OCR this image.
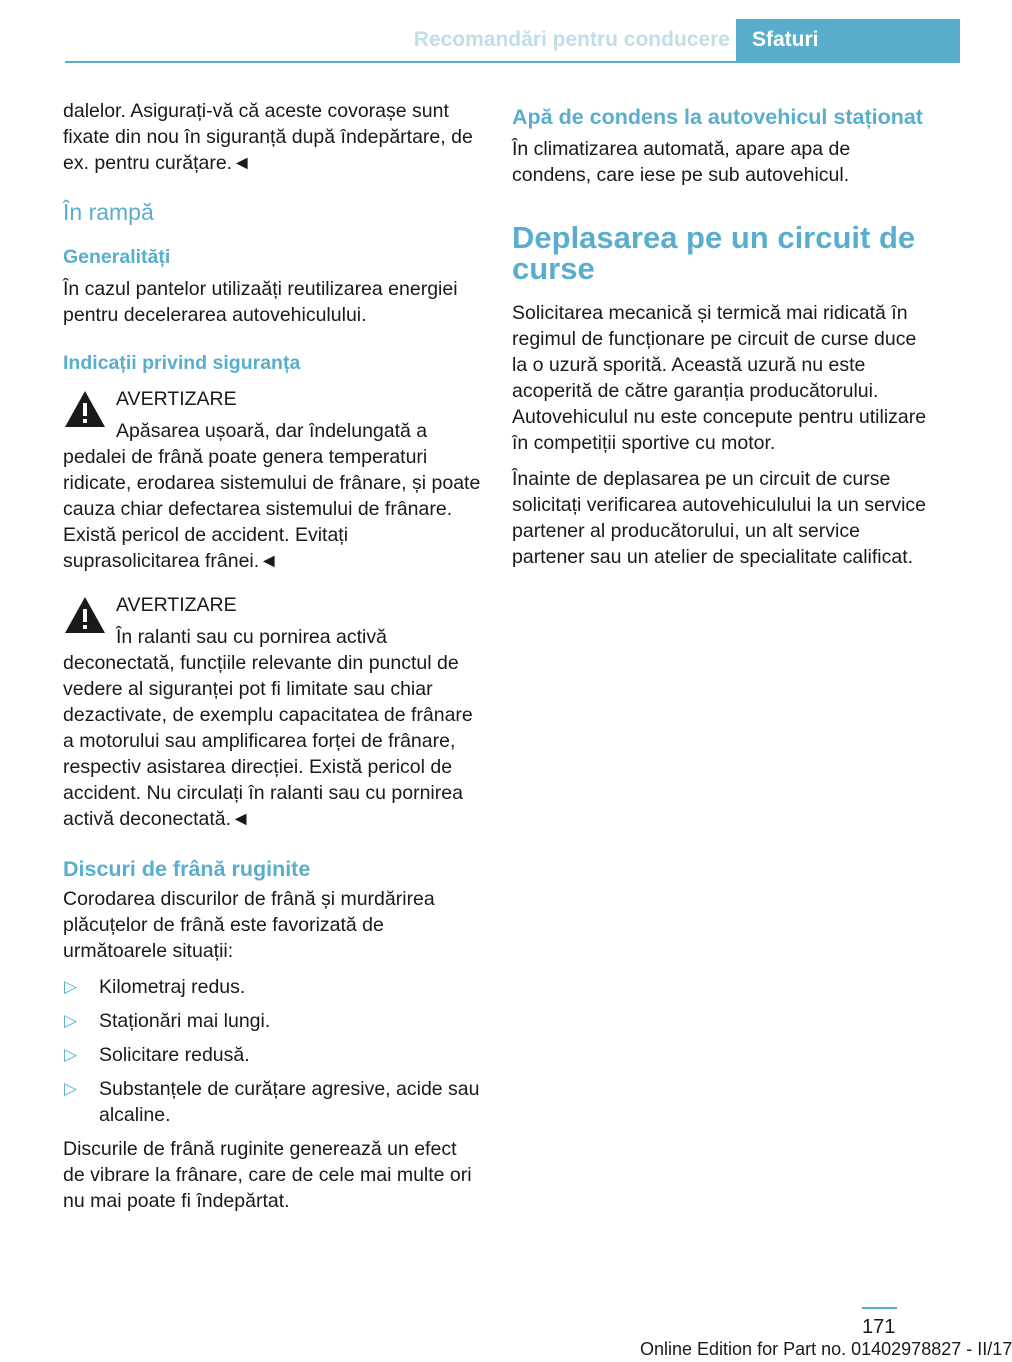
Recomandări pentru conducere	Sfaturi

dalelor. Asigurați-vă că aceste covorașe sunt fixate din nou în siguranță după îndepărtare, de ex. pentru curățare.◄

În rampă
Generalități

În cazul pantelor utilizaăți reutilizarea energiei pentru decelerarea autovehiculului.

Indicații privind siguranța
AVERTIZARE

Apăsarea ușoară, dar îndelungată a pedalei de frână poate genera temperaturi ridicate, erodarea sistemului de frânare, și poate cauza chiar defectarea sistemului de frânare. Există pericol de accident. Evitați suprasolicitarea frânei.◄

AVERTIZARE

În ralanti sau cu pornirea activă deconectată, funcțiile relevante din punctul de vedere al siguranței pot fi limitate sau chiar dezactivate, de exemplu capacitatea de frânare a motorului sau amplificarea forței de frânare, respectiv asistarea direcției. Există pericol de accident. Nu circulați în ralanti sau cu pornirea activă deconectată.◄

Discuri de frână ruginite

Corodarea discurilor de frână și murdărirea plăcuțelor de frână este favorizată de următoarele situații:

▷ Kilometraj redus.
▷ Staționări mai lungi.
▷ Solicitare redusă.
▷ Substanțele de curățare agresive, acide sau alcaline.

Discurile de frână ruginite generează un efect de vibrare la frânare, care de cele mai multe ori nu mai poate fi îndepărtat.

Apă de condens la autovehicul staționat

În climatizarea automată, apare apa de condens, care iese pe sub autovehicul.

Deplasarea pe un circuit de curse

Solicitarea mecanică și termică mai ridicată în regimul de funcționare pe circuit de curse duce la o uzură sporită. Această uzură nu este acoperită de către garanția producătorului. Autovehiculul nu este concepute pentru utilizare în competiții sportive cu motor.

Înainte de deplasarea pe un circuit de curse solicitați verificarea autovehiculului la un service partener al producătorului, un alt service partener sau un atelier de specialitate calificat.

171
Online Edition for Part no. 01402978827 - II/17
